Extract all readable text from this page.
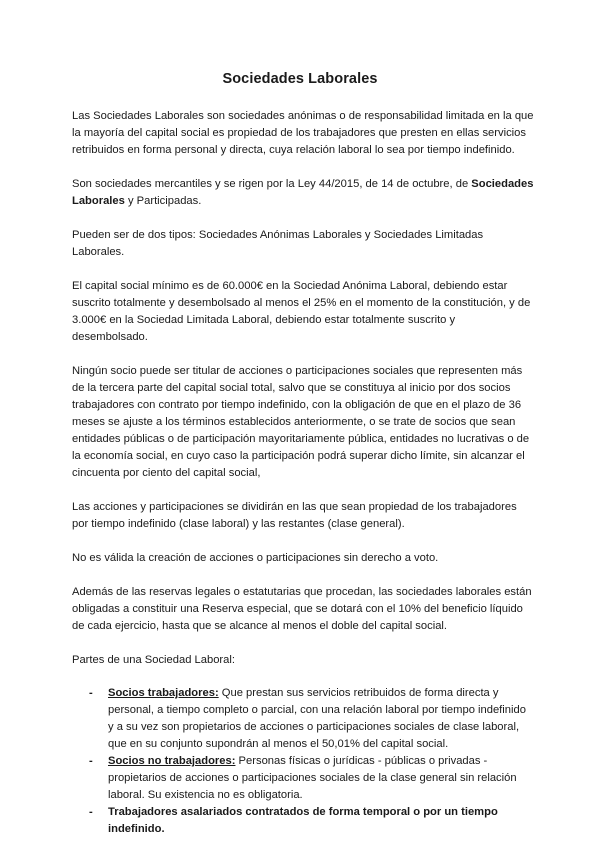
Sociedades Laborales

Las Sociedades Laborales son sociedades anónimas o de responsabilidad limitada en la que la mayoría del capital social es propiedad de los trabajadores que presten en ellas servicios retribuidos en forma personal y directa, cuya relación laboral lo sea por tiempo indefinido.

Son sociedades mercantiles y se rigen por la Ley 44/2015, de 14 de octubre, de Sociedades Laborales y Participadas.

Pueden ser de dos tipos: Sociedades Anónimas Laborales y Sociedades Limitadas Laborales.

El capital social mínimo es de 60.000€ en la Sociedad Anónima Laboral, debiendo estar suscrito totalmente y desembolsado al menos el 25% en el momento de la constitución, y de 3.000€ en la Sociedad Limitada Laboral, debiendo estar totalmente suscrito y desembolsado.

Ningún socio puede ser titular de acciones o participaciones sociales que representen más de la tercera parte del capital social total, salvo que se constituya al inicio por dos socios trabajadores con contrato por tiempo indefinido, con la obligación de que en el plazo de 36 meses se ajuste a los términos establecidos anteriormente, o se trate de socios que sean entidades públicas o de participación mayoritariamente pública, entidades no lucrativas o de la economía social, en cuyo caso la participación podrá superar dicho límite, sin alcanzar el cincuenta por ciento del capital social,

Las acciones y participaciones se dividirán en las que sean propiedad de los trabajadores por tiempo indefinido (clase laboral) y las restantes (clase general).

No es válida la creación de acciones o participaciones sin derecho a voto.

Además de las reservas legales o estatutarias que procedan, las sociedades laborales están obligadas a constituir una Reserva especial, que se dotará con el 10% del beneficio líquido de cada ejercicio, hasta que se alcance al menos el doble del capital social.

Partes de una Sociedad Laboral:

- Socios trabajadores: Que prestan sus servicios retribuidos de forma directa y personal, a tiempo completo o parcial, con una relación laboral por tiempo indefinido y a su vez son propietarios de acciones o participaciones sociales de clase laboral, que en su conjunto supondrán al menos el 50,01% del capital social.
- Socios no trabajadores: Personas físicas o jurídicas - públicas o privadas - propietarios de acciones o participaciones sociales de la clase general sin relación laboral. Su existencia no es obligatoria.
- Trabajadores asalariados contratados de forma temporal o por un tiempo indefinido.
